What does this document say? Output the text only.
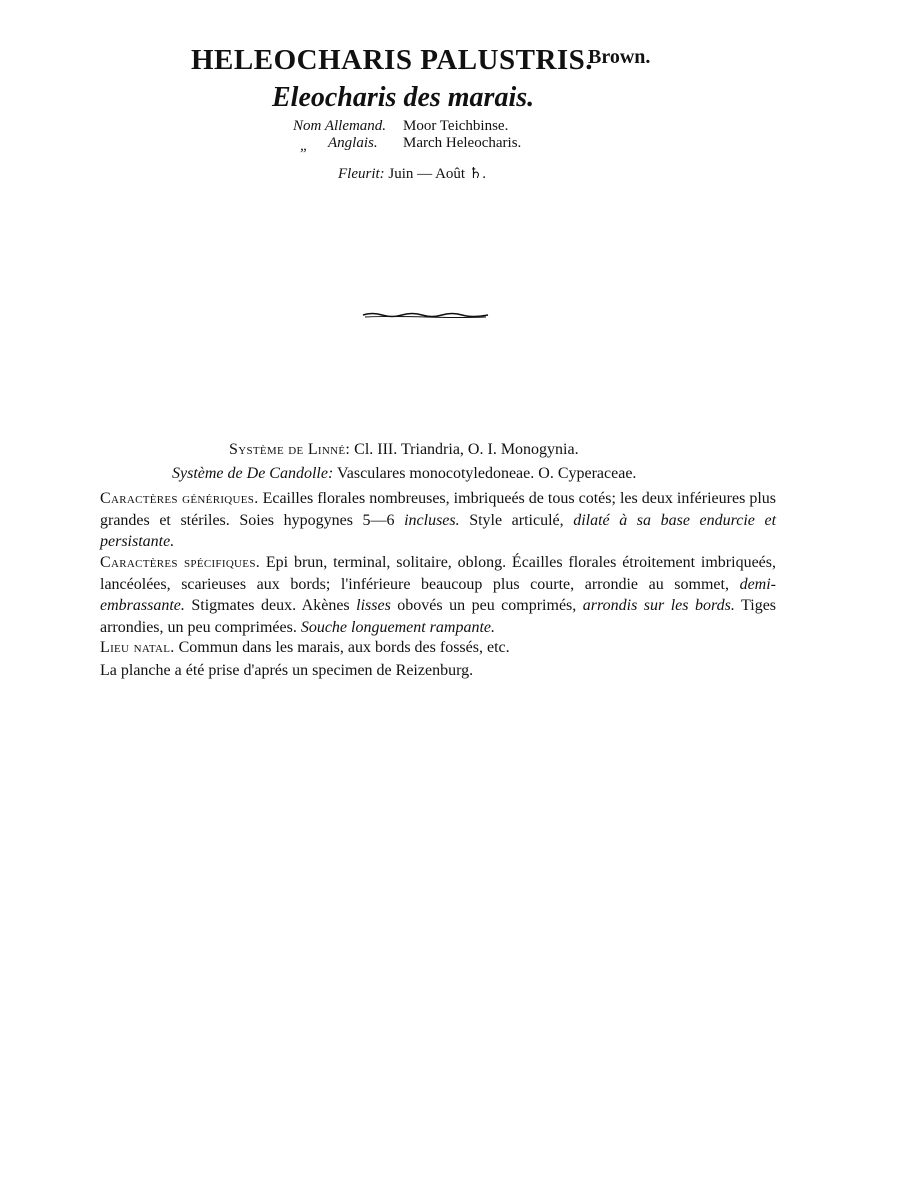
HELEOCHARIS PALUSTRIS.
Brown.
Eleocharis des marais.
Nom Allemand. Moor Teichbinse.
„ Anglais. March Heleocharis.
Fleurit: Juin — Août ♄.
Système de Linné: Cl. III. Triandria, O. I. Monogynia.
Système de De Candolle: Vasculares monocotyledoneae. O. Cyperaceae.
Caractères génériques. Ecailles florales nombreuses, imbriqueés de tous cotés; les deux inférieures plus grandes et stériles. Soies hypogynes 5—6 incluses. Style articulé, dilaté à sa base endurcie et persistante.
Caractères spécifiques. Epi brun, terminal, solitaire, oblong. Écailles florales étroitement imbriqueés, lancéolées, scarieuses aux bords; l'inférieure beaucoup plus courte, arrondie au sommet, demi-embrassante. Stigmates deux. Akènes lisses obovés un peu comprimés, arrondis sur les bords. Tiges arrondies, un peu comprimées. Souche longuement rampante.
Lieu natal. Commun dans les marais, aux bords des fossés, etc.
La planche a été prise d'aprés un specimen de Reizenburg.
